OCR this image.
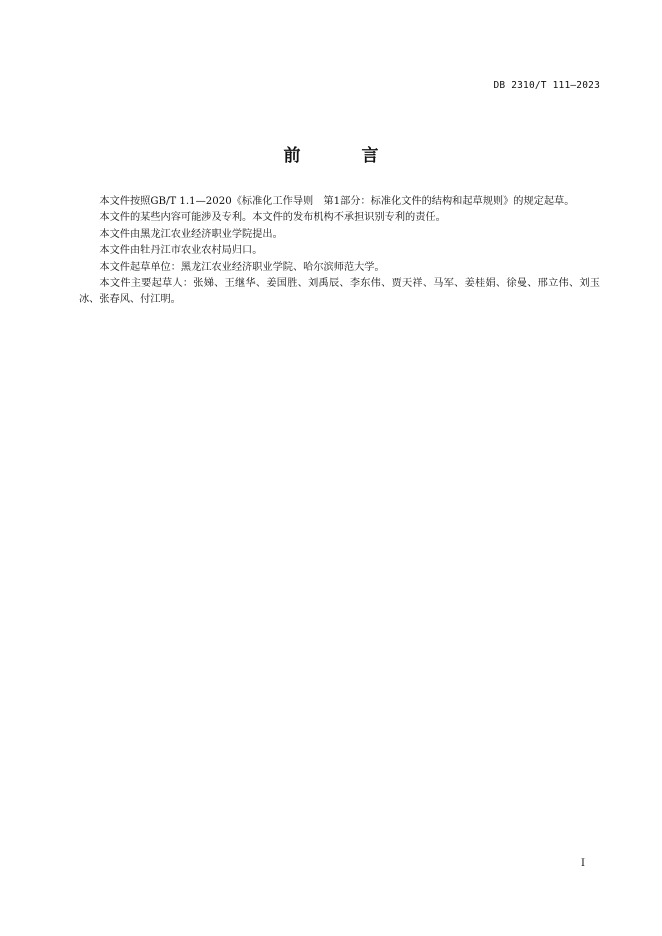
DB 2310/T 111—2023
前　言

本文件按照GB/T 1.1—2020《标准化工作导则　第1部分：标准化文件的结构和起草规则》的规定起草。

本文件的某些内容可能涉及专利。本文件的发布机构不承担识别专利的责任。

本文件由黑龙江农业经济职业学院提出。

本文件由牡丹江市农业农村局归口。

本文件起草单位：黑龙江农业经济职业学院、哈尔滨师范大学。

本文件主要起草人：张娣、王继华、姜国胜、刘禹辰、李东伟、贾天祥、马军、姜桂娟、徐曼、邢立伟、刘玉冰、张春风、付江明。

I
